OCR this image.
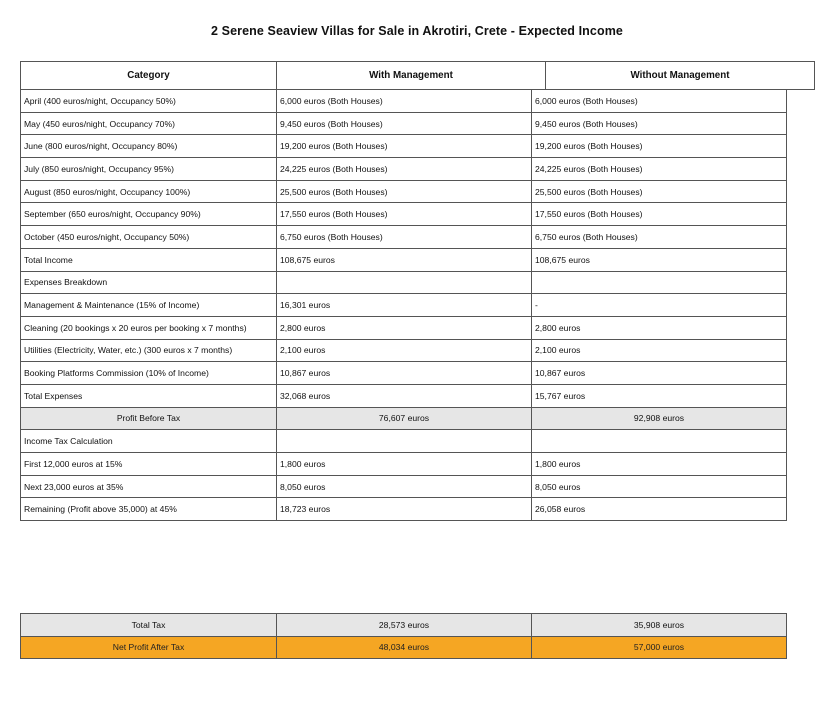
2 Serene Seaview Villas for Sale in Akrotiri, Crete - Expected Income
Category	With Management	Without Management
April (400 euros/night, Occupancy 50%)	6,000 euros (Both Houses)	6,000 euros (Both Houses)
May (450 euros/night, Occupancy 70%)	9,450 euros (Both Houses)	9,450 euros (Both Houses)
June (800 euros/night, Occupancy 80%)	19,200 euros (Both Houses)	19,200 euros (Both Houses)
July (850 euros/night, Occupancy 95%)	24,225 euros (Both Houses)	24,225 euros (Both Houses)
August (850 euros/night, Occupancy 100%)	25,500 euros (Both Houses)	25,500 euros (Both Houses)
September (650 euros/night, Occupancy 90%)	17,550 euros (Both Houses)	17,550 euros (Both Houses)
October (450 euros/night, Occupancy 50%)	6,750 euros (Both Houses)	6,750 euros (Both Houses)
Total Income	108,675 euros	108,675 euros
Expenses Breakdown		
Management & Maintenance (15% of Income)	16,301 euros	-
Cleaning (20 bookings x 20 euros per booking x 7 months)	2,800 euros	2,800 euros
Utilities (Electricity, Water, etc.) (300 euros x 7 months)	2,100 euros	2,100 euros
Booking Platforms Commission (10% of Income)	10,867 euros	10,867 euros
Total Expenses	32,068 euros	15,767 euros
Profit Before Tax	76,607 euros	92,908 euros
Income Tax Calculation		
First 12,000 euros at 15%	1,800 euros	1,800 euros
Next 23,000 euros at 35%	8,050 euros	8,050 euros
Remaining (Profit above 35,000) at 45%	18,723 euros	26,058 euros
Total Tax	28,573 euros	35,908 euros
Net Profit After Tax	48,034 euros	57,000 euros
